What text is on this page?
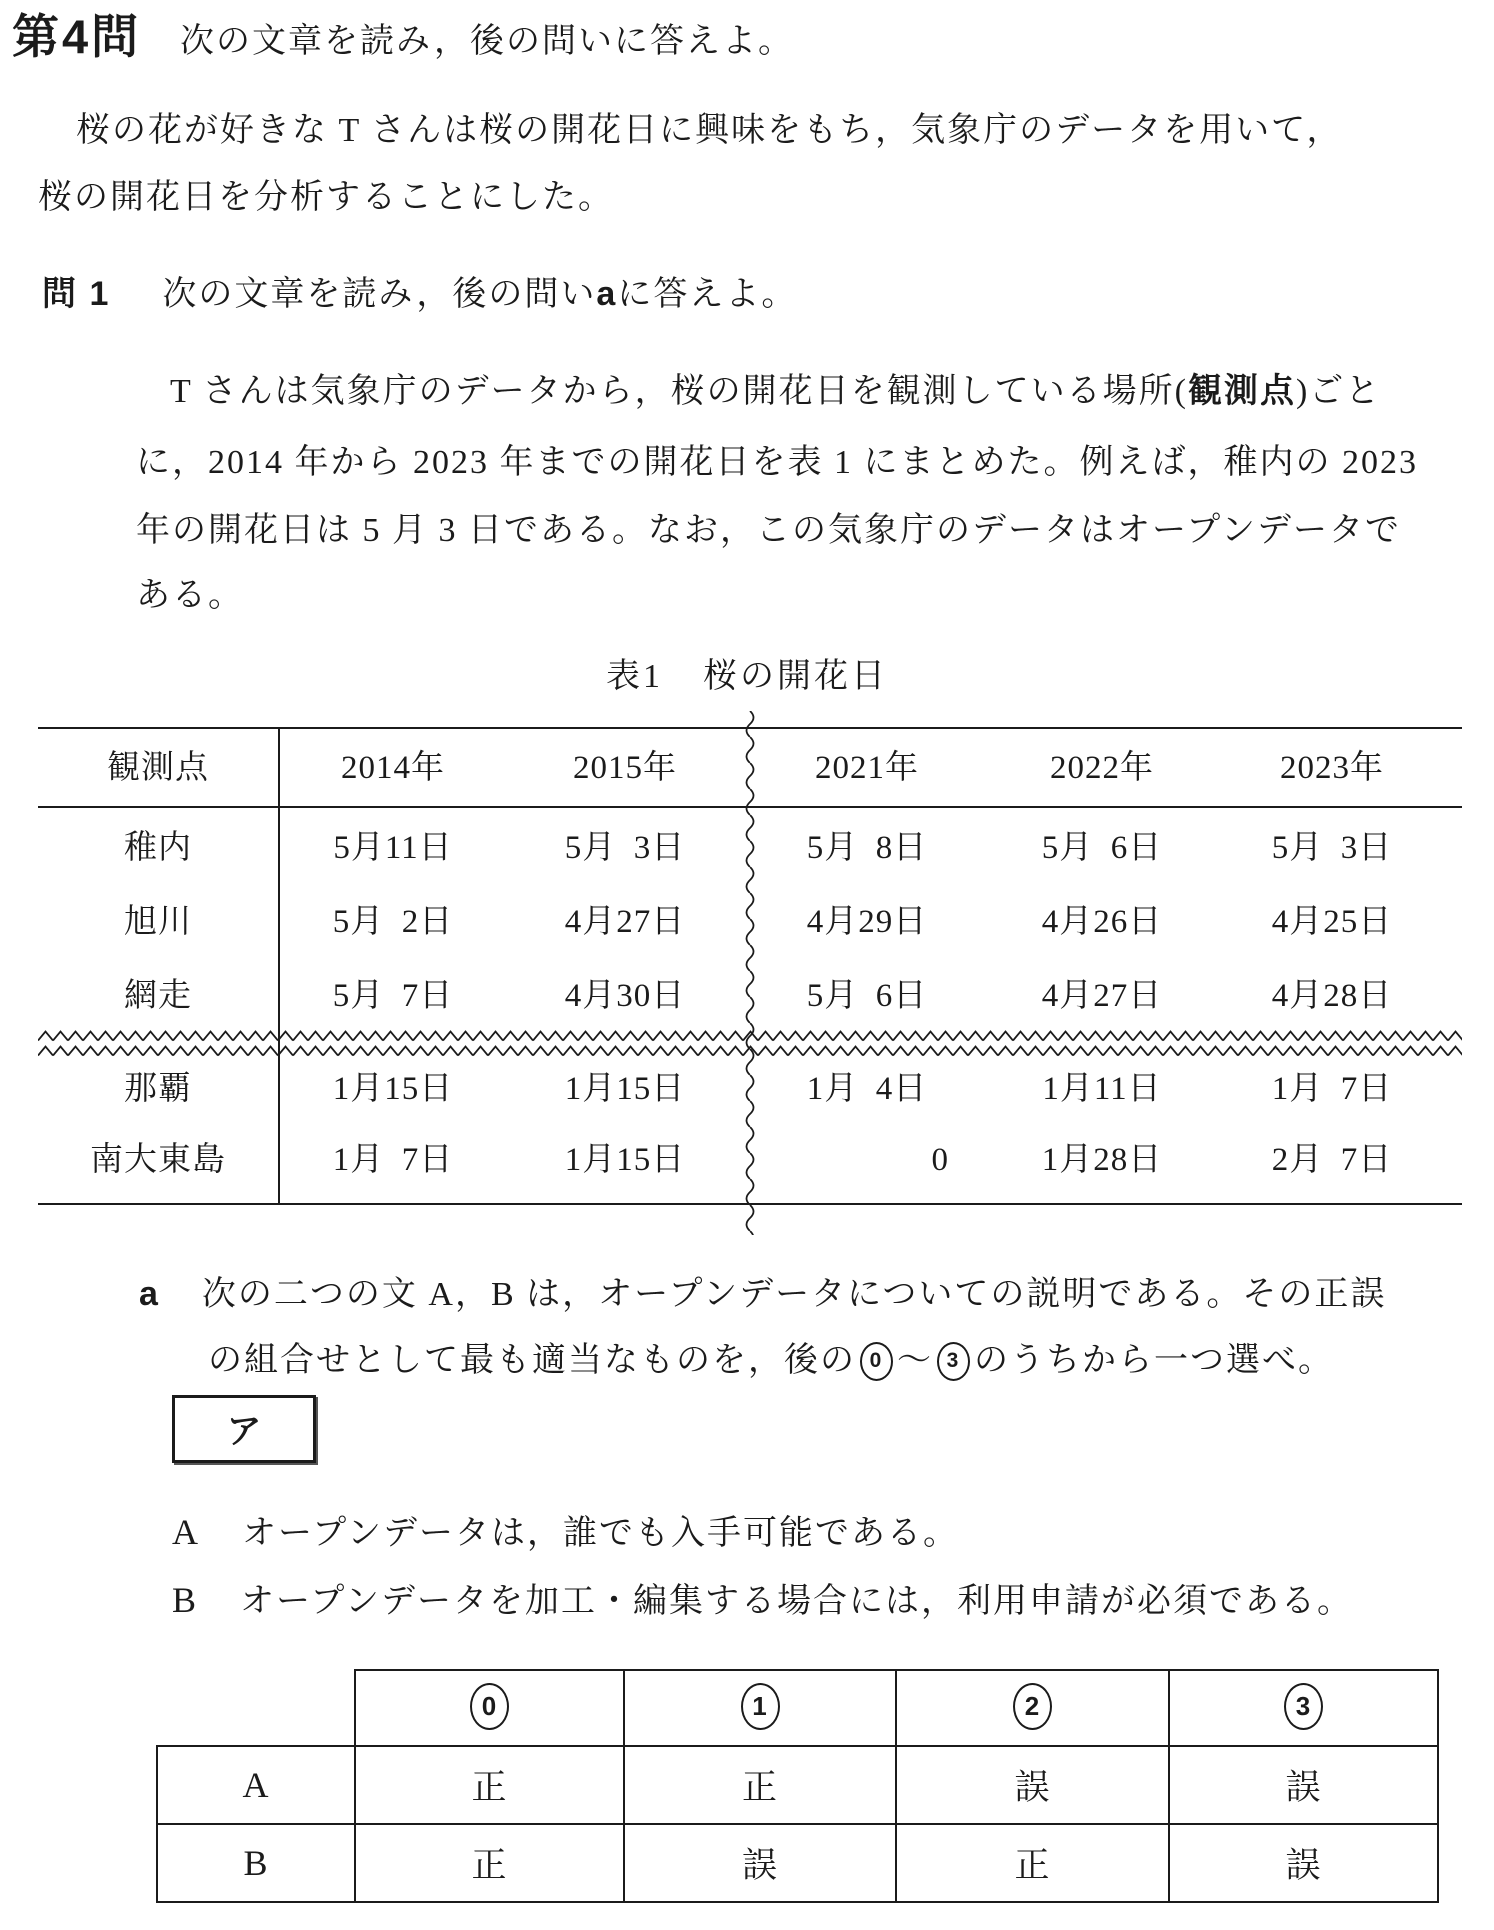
第4問 次の文章を読み，後の問いに答えよ。
桜の花が好きな T さんは桜の開花日に興味をもち，気象庁のデータを用いて，
桜の開花日を分析することにした。
問 1 次の文章を読み，後の問いaに答えよ。
T さんは気象庁のデータから，桜の開花日を観測している場所(観測点)ごと
に，2014 年から 2023 年までの開花日を表 1 にまとめた。例えば，稚内の 2023
年の開花日は 5 月 3 日である。なお，この気象庁のデータはオープンデータで
ある。
表1  桜の開花日
観測点	2014年	2015年	2021年	2022年	2023年
稚内	5月11日	5月 3日	5月 8日	5月 6日	5月 3日
旭川	5月 2日	4月27日	4月29日	4月26日	4月25日
網走	5月 7日	4月30日	5月 6日	4月27日	4月28日
那覇	1月15日	1月15日	1月 4日	1月11日	1月 7日
南大東島	1月 7日	1月15日	0	1月28日	2月 7日
a 次の二つの文 A，B は，オープンデータについての説明である。その正誤
の組合せとして最も適当なものを，後の 0 ～ 3 のうちから一つ選べ。
ア
A オープンデータは，誰でも入手可能である。
B オープンデータを加工・編集する場合には，利用申請が必須である。
	0	1	2	3
A	正	正	誤	誤
B	正	誤	正	誤
